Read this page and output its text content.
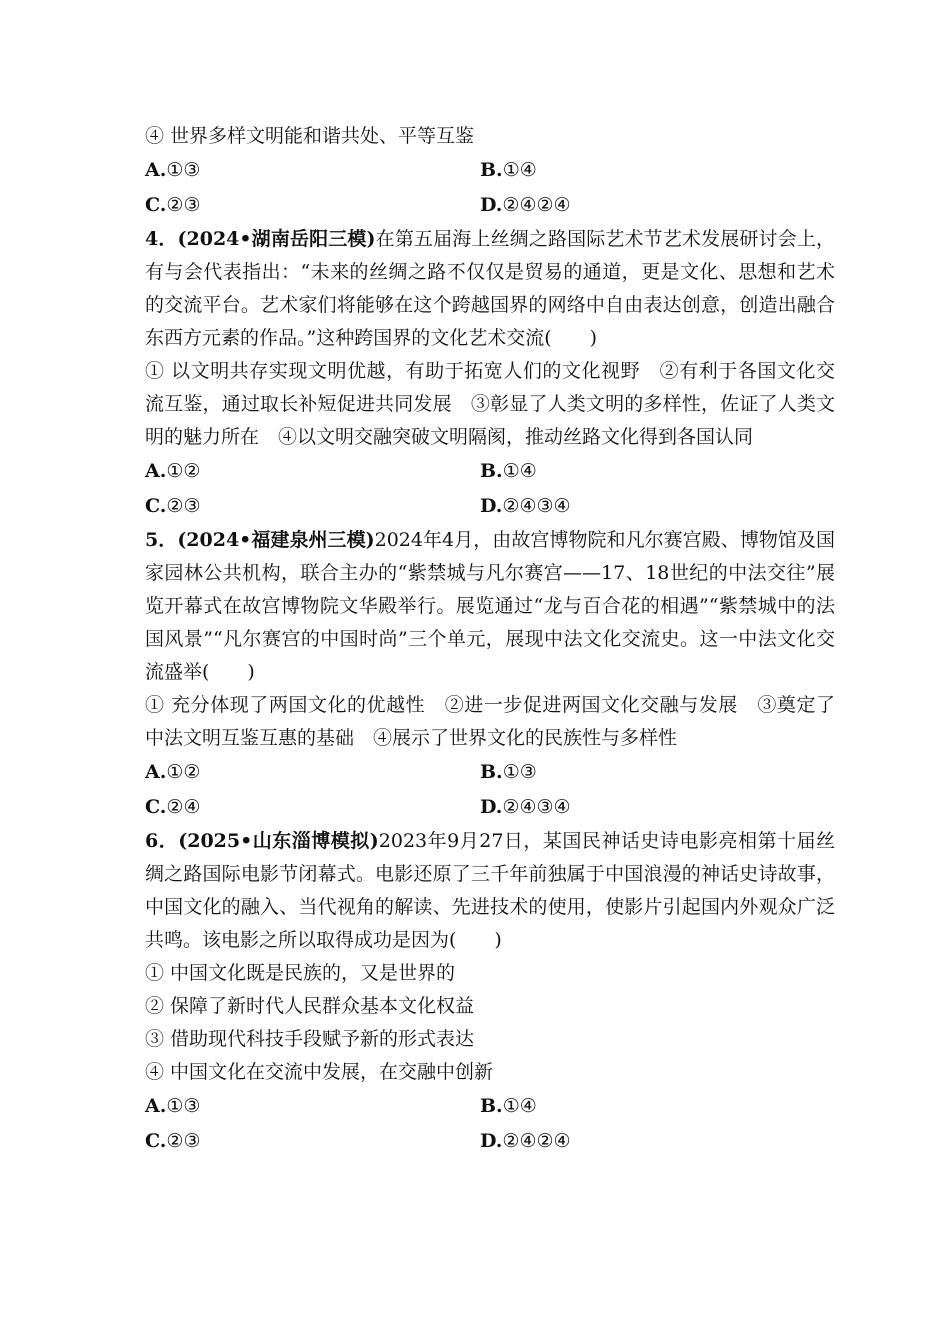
④ 世界多样文明能和谐共处、平等互鉴
A.①③	B.①④
C.②③	D.②④②④
4．(2024•湖南岳阳三模)在第五届海上丝绸之路国际艺术节艺术发展研讨会上，有与会代表指出：“未来的丝绸之路不仅仅是贸易的通道，更是文化、思想和艺术的交流平台。艺术家们将能够在这个跨越国界的网络中自由表达创意，创造出融合东西方元素的作品。”这种跨国界的文化艺术交流(　　)
① 以文明共存实现文明优越，有助于拓宽人们的文化视野　②有利于各国文化交流互鉴，通过取长补短促进共同发展　③彰显了人类文明的多样性，佐证了人类文明的魅力所在　④以文明交融突破文明隔阂，推动丝路文化得到各国认同
A.①②	B.①④
C.②③	D.②④③④
5．(2024•福建泉州三模)2024年4月，由故宫博物院和凡尔赛宫殿、博物馆及国家园林公共机构，联合主办的“紫禁城与凡尔赛宫——17、18世纪的中法交往”展览开幕式在故宫博物院文华殿举行。展览通过“龙与百合花的相遇”“紫禁城中的法国风景”“凡尔赛宫的中国时尚”三个单元，展现中法文化交流史。这一中法文化交流盛举(　　)
① 充分体现了两国文化的优越性　②进一步促进两国文化交融与发展　③奠定了中法文明互鉴互惠的基础　④展示了世界文化的民族性与多样性
A.①②	B.①③
C.②④	D.②④③④
6．(2025•山东淄博模拟)2023年9月27日，某国民神话史诗电影亮相第十届丝绸之路国际电影节闭幕式。电影还原了三千年前独属于中国浪漫的神话史诗故事，中国文化的融入、当代视角的解读、先进技术的使用，使影片引起国内外观众广泛共鸣。该电影之所以取得成功是因为(　　)
① 中国文化既是民族的，又是世界的
② 保障了新时代人民群众基本文化权益
③ 借助现代科技手段赋予新的形式表达
④ 中国文化在交流中发展，在交融中创新
A.①③	B.①④
C.②③	D.②④②④
